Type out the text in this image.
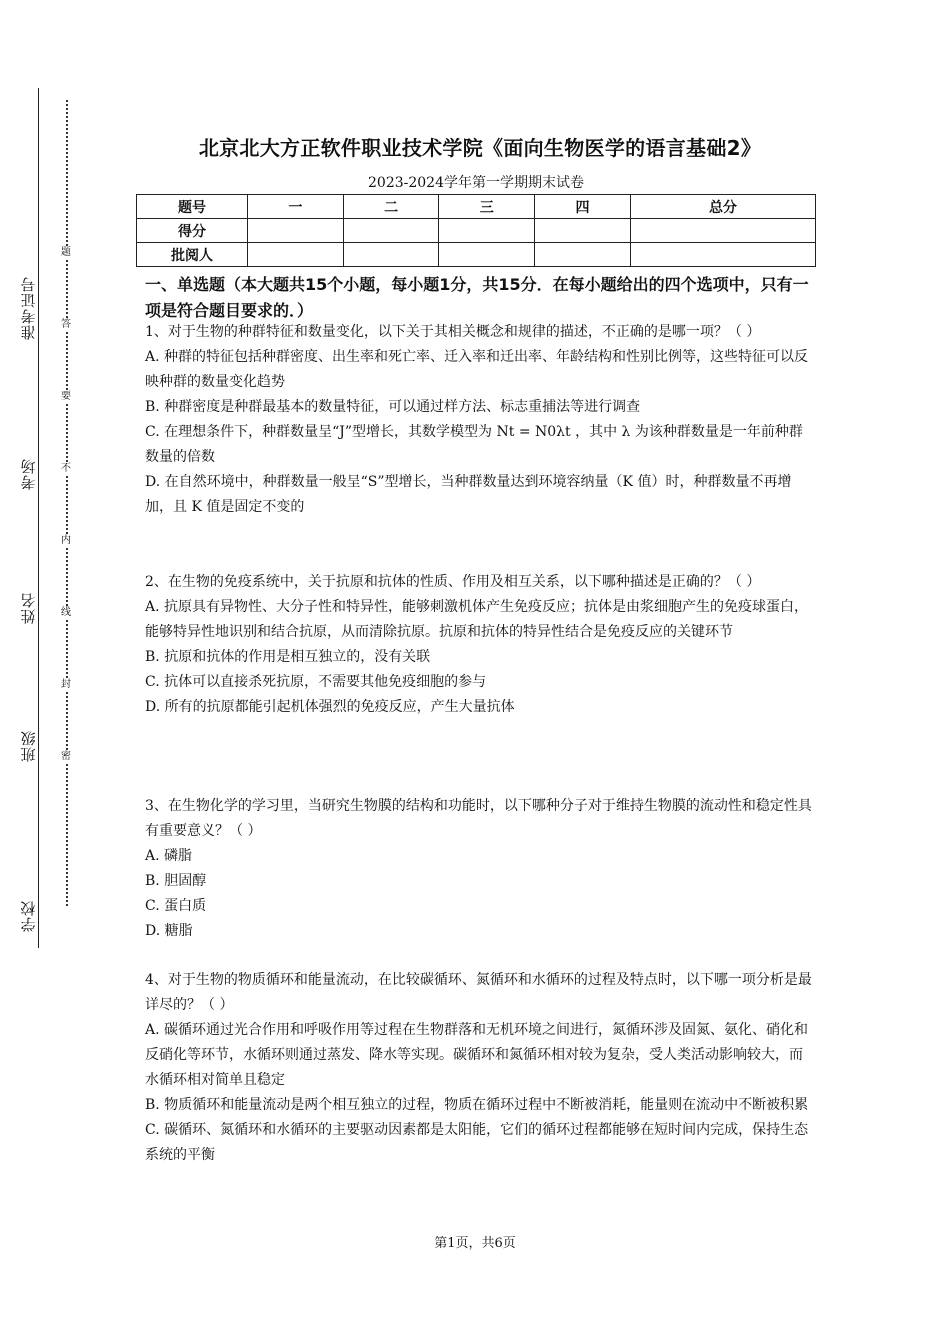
准考证号
考场
姓名
班级
学校
题
答
要
不
内
线
封
密
北京北大方正软件职业技术学院《面向生物医学的语言基础2》
2023-2024学年第一学期期末试卷
题号	一	二	三	四	总分
得分					
批阅人					
一、单选题（本大题共15个小题，每小题1分，共15分．在每小题给出的四个选项中，只有一项是符合题目要求的．）

1、对于生物的种群特征和数量变化，以下关于其相关概念和规律的描述，不正确的是哪一项？（ ）

A. 种群的特征包括种群密度、出生率和死亡率、迁入率和迁出率、年龄结构和性别比例等，这些特征可以反映种群的数量变化趋势

B. 种群密度是种群最基本的数量特征，可以通过样方法、标志重捕法等进行调查

C. 在理想条件下，种群数量呈“J”型增长，其数学模型为 Nt = N0λt ，其中 λ 为该种群数量是一年前种群数量的倍数

D. 在自然环境中，种群数量一般呈“S”型增长，当种群数量达到环境容纳量（K 值）时，种群数量不再增加，且 K 值是固定不变的

2、在生物的免疫系统中，关于抗原和抗体的性质、作用及相互关系，以下哪种描述是正确的？（ ）

A. 抗原具有异物性、大分子性和特异性，能够刺激机体产生免疫反应；抗体是由浆细胞产生的免疫球蛋白，能够特异性地识别和结合抗原，从而清除抗原。抗原和抗体的特异性结合是免疫反应的关键环节

B. 抗原和抗体的作用是相互独立的，没有关联

C. 抗体可以直接杀死抗原，不需要其他免疫细胞的参与

D. 所有的抗原都能引起机体强烈的免疫反应，产生大量抗体

3、在生物化学的学习里，当研究生物膜的结构和功能时，以下哪种分子对于维持生物膜的流动性和稳定性具有重要意义？（ ）

A. 磷脂

B. 胆固醇

C. 蛋白质

D. 糖脂

4、对于生物的物质循环和能量流动，在比较碳循环、氮循环和水循环的过程及特点时，以下哪一项分析是最详尽的？（ ）

A. 碳循环通过光合作用和呼吸作用等过程在生物群落和无机环境之间进行，氮循环涉及固氮、氨化、硝化和反硝化等环节，水循环则通过蒸发、降水等实现。碳循环和氮循环相对较为复杂，受人类活动影响较大，而水循环相对简单且稳定

B. 物质循环和能量流动是两个相互独立的过程，物质在循环过程中不断被消耗，能量则在流动中不断被积累

C. 碳循环、氮循环和水循环的主要驱动因素都是太阳能，它们的循环过程都能够在短时间内完成，保持生态系统的平衡

第1页，共6页
